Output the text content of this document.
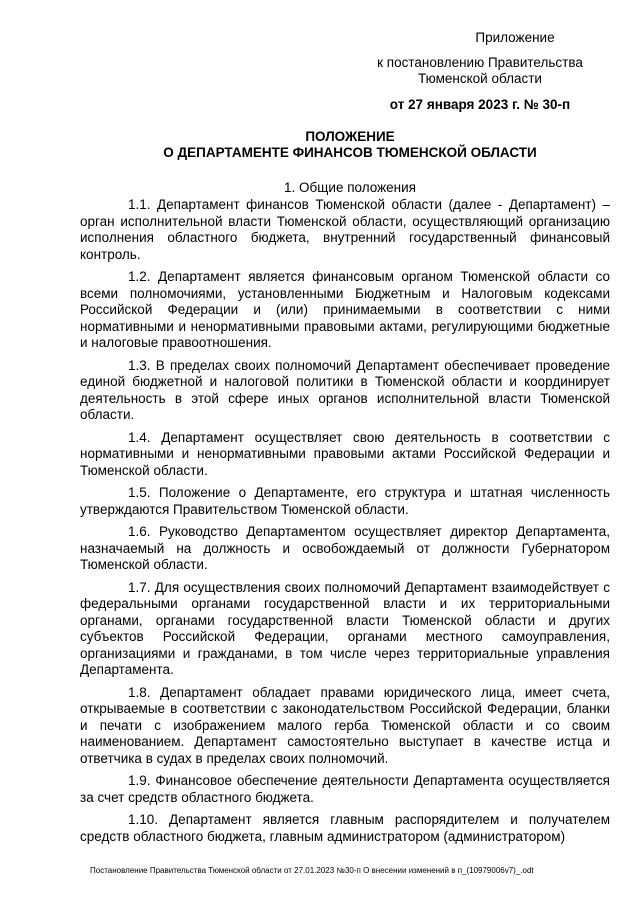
Приложение
к постановлению Правительства
Тюменской области
от 27 января 2023 г. № 30-п
ПОЛОЖЕНИЕ
О ДЕПАРТАМЕНТЕ ФИНАНСОВ ТЮМЕНСКОЙ ОБЛАСТИ
1. Общие положения

1.1. Департамент финансов Тюменской области (далее - Департамент) – орган исполнительной власти Тюменской области, осуществляющий организацию исполнения областного бюджета, внутренний государственный финансовый контроль.

1.2. Департамент является финансовым органом Тюменской области со всеми полномочиями, установленными Бюджетным и Налоговым кодексами Российской Федерации и (или) принимаемыми в соответствии с ними нормативными и ненормативными правовыми актами, регулирующими бюджетные и налоговые правоотношения.

1.3. В пределах своих полномочий Департамент обеспечивает проведение единой бюджетной и налоговой политики в Тюменской области и координирует деятельность в этой сфере иных органов исполнительной власти Тюменской области.

1.4. Департамент осуществляет свою деятельность в соответствии с нормативными и ненормативными правовыми актами Российской Федерации и Тюменской области.

1.5. Положение о Департаменте, его структура и штатная численность утверждаются Правительством Тюменской области.

1.6. Руководство Департаментом осуществляет директор Департамента, назначаемый на должность и освобождаемый от должности Губернатором Тюменской области.

1.7. Для осуществления своих полномочий Департамент взаимодействует с федеральными органами государственной власти и их территориальными органами, органами государственной власти Тюменской области и других субъектов Российской Федерации, органами местного самоуправления, организациями и гражданами, в том числе через территориальные управления Департамента.

1.8. Департамент обладает правами юридического лица, имеет счета, открываемые в соответствии с законодательством Российской Федерации, бланки и печати с изображением малого герба Тюменской области и со своим наименованием. Департамент самостоятельно выступает в качестве истца и ответчика в судах в пределах своих полномочий.

1.9. Финансовое обеспечение деятельности Департамента осуществляется за счет средств областного бюджета.

1.10. Департамент является главным распорядителем и получателем средств областного бюджета, главным администратором (администратором)

Постановление Правительства Тюменской области от 27.01.2023 №30-п О внесении изменений в п_(10979006v7)_.odt
